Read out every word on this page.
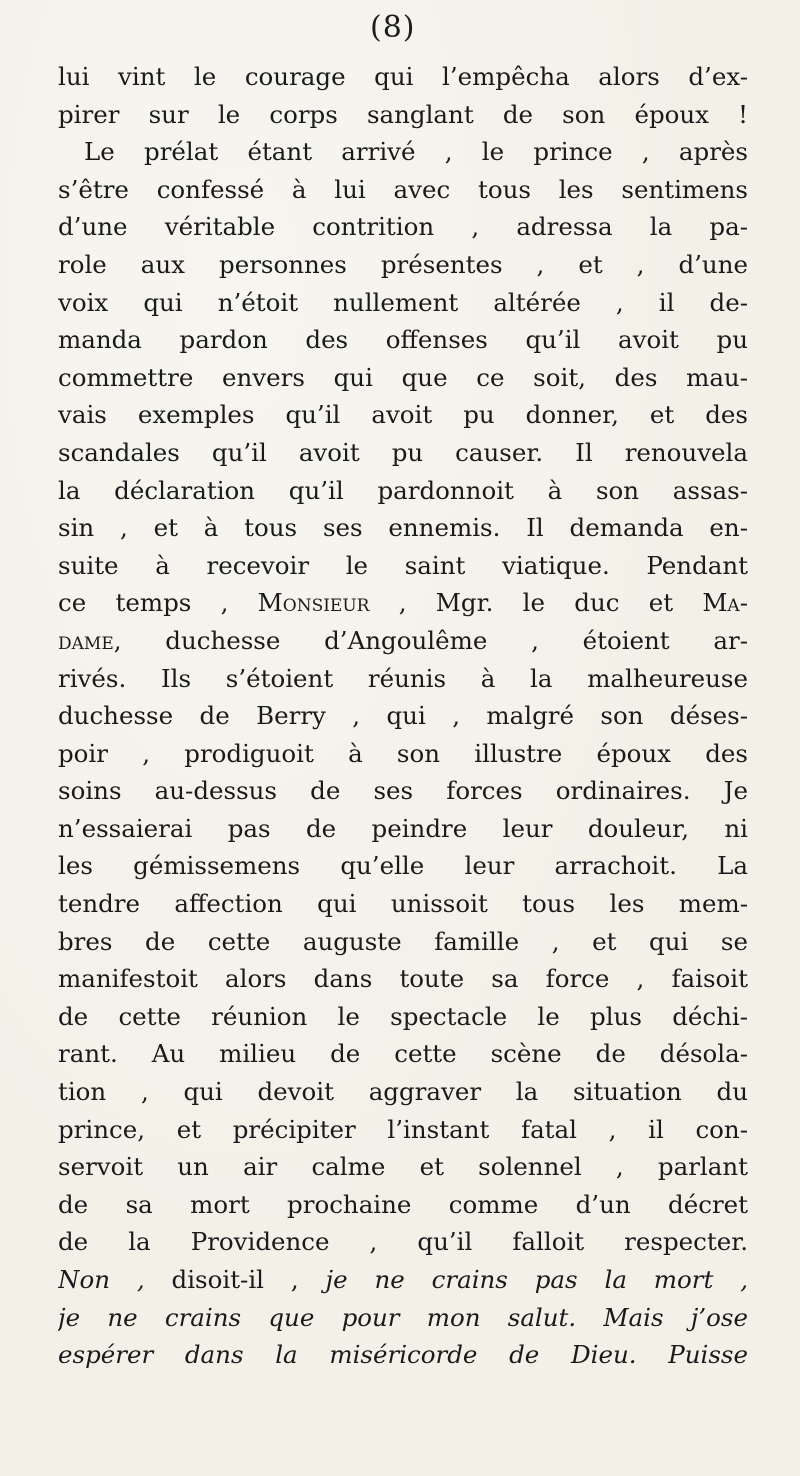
(8)
lui vint le courage qui l’empêcha alors d’ex-
pirer sur le corps sanglant de son époux !
Le prélat étant arrivé , le prince , après
s’être confessé à lui avec tous les sentimens
d’une véritable contrition , adressa la pa-
role aux personnes présentes , et , d’une
voix qui n’étoit nullement altérée , il de-
manda pardon des offenses qu’il avoit pu
commettre envers qui que ce soit, des mau-
vais exemples qu’il avoit pu donner, et des
scandales qu’il avoit pu causer. Il renouvela
la déclaration qu’il pardonnoit à son assas-
sin , et à tous ses ennemis. Il demanda en-
suite à recevoir le saint viatique. Pendant
ce temps , Monsieur , Mgr. le duc et Ma-
dame, duchesse d’Angoulême , étoient ar-
rivés. Ils s’étoient réunis à la malheureuse
duchesse de Berry , qui , malgré son déses-
poir , prodiguoit à son illustre époux des
soins au-dessus de ses forces ordinaires. Je
n’essaierai pas de peindre leur douleur, ni
les gémissemens qu’elle leur arrachoit. La
tendre affection qui unissoit tous les mem-
bres de cette auguste famille , et qui se
manifestoit alors dans toute sa force , faisoit
de cette réunion le spectacle le plus déchi-
rant. Au milieu de cette scène de désola-
tion , qui devoit aggraver la situation du
prince, et précipiter l’instant fatal , il con-
servoit un air calme et solennel , parlant
de sa mort prochaine comme d’un décret
de la Providence , qu’il falloit respecter.
Non , disoit-il , je ne crains pas la mort ,
je ne crains que pour mon salut. Mais j’ose
espérer dans la miséricorde de Dieu. Puisse
